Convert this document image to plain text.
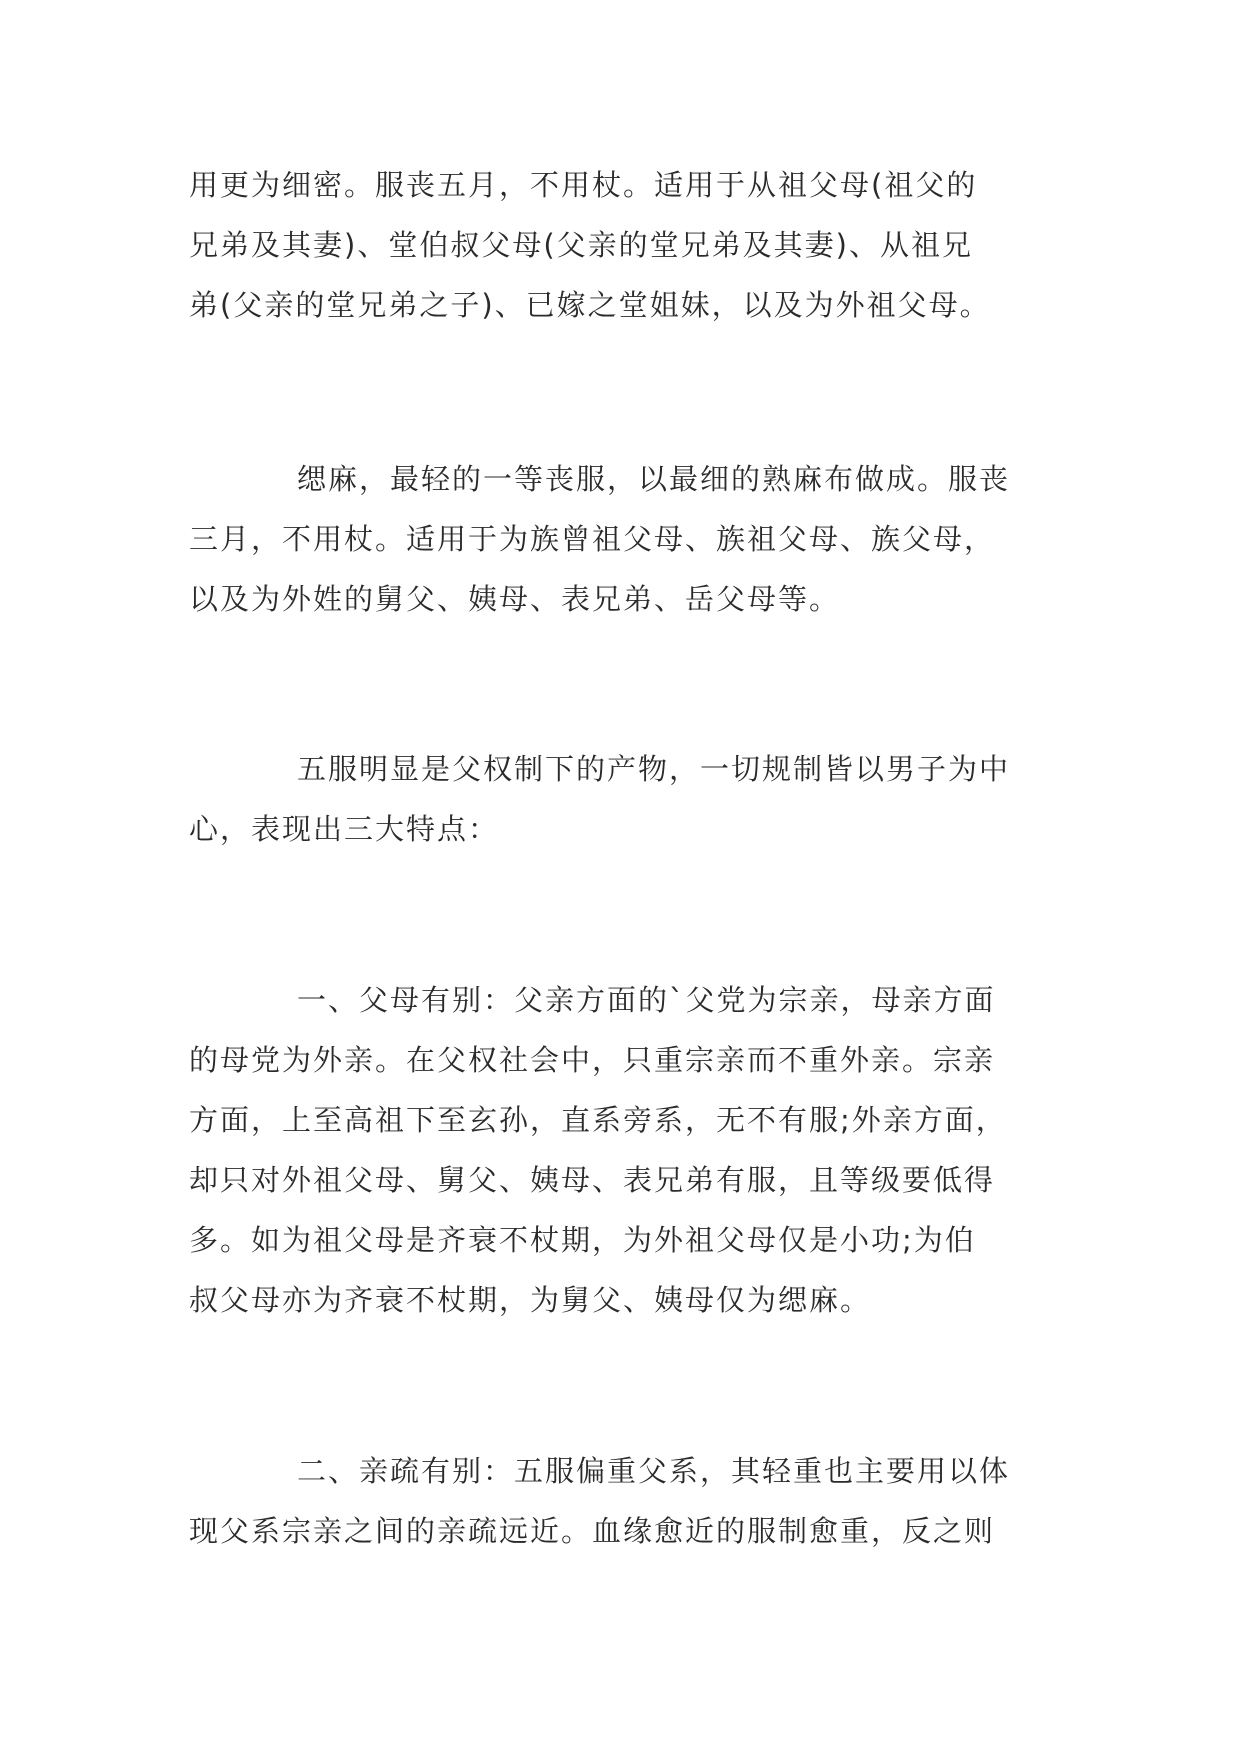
用更为细密。服丧五月，不用杖。适用于从祖父母(祖父的
兄弟及其妻)、堂伯叔父母(父亲的堂兄弟及其妻)、从祖兄
弟(父亲的堂兄弟之子)、已嫁之堂姐妹，以及为外祖父母。
缌麻，最轻的一等丧服，以最细的熟麻布做成。服丧
三月，不用杖。适用于为族曾祖父母、族祖父母、族父母，
以及为外姓的舅父、姨母、表兄弟、岳父母等。
五服明显是父权制下的产物，一切规制皆以男子为中
心，表现出三大特点：
一、父母有别：父亲方面的`父党为宗亲，母亲方面
的母党为外亲。在父权社会中，只重宗亲而不重外亲。宗亲
方面，上至高祖下至玄孙，直系旁系，无不有服;外亲方面，
却只对外祖父母、舅父、姨母、表兄弟有服，且等级要低得
多。如为祖父母是齐衰不杖期，为外祖父母仅是小功;为伯
叔父母亦为齐衰不杖期，为舅父、姨母仅为缌麻。
二、亲疏有别：五服偏重父系，其轻重也主要用以体
现父系宗亲之间的亲疏远近。血缘愈近的服制愈重，反之则
